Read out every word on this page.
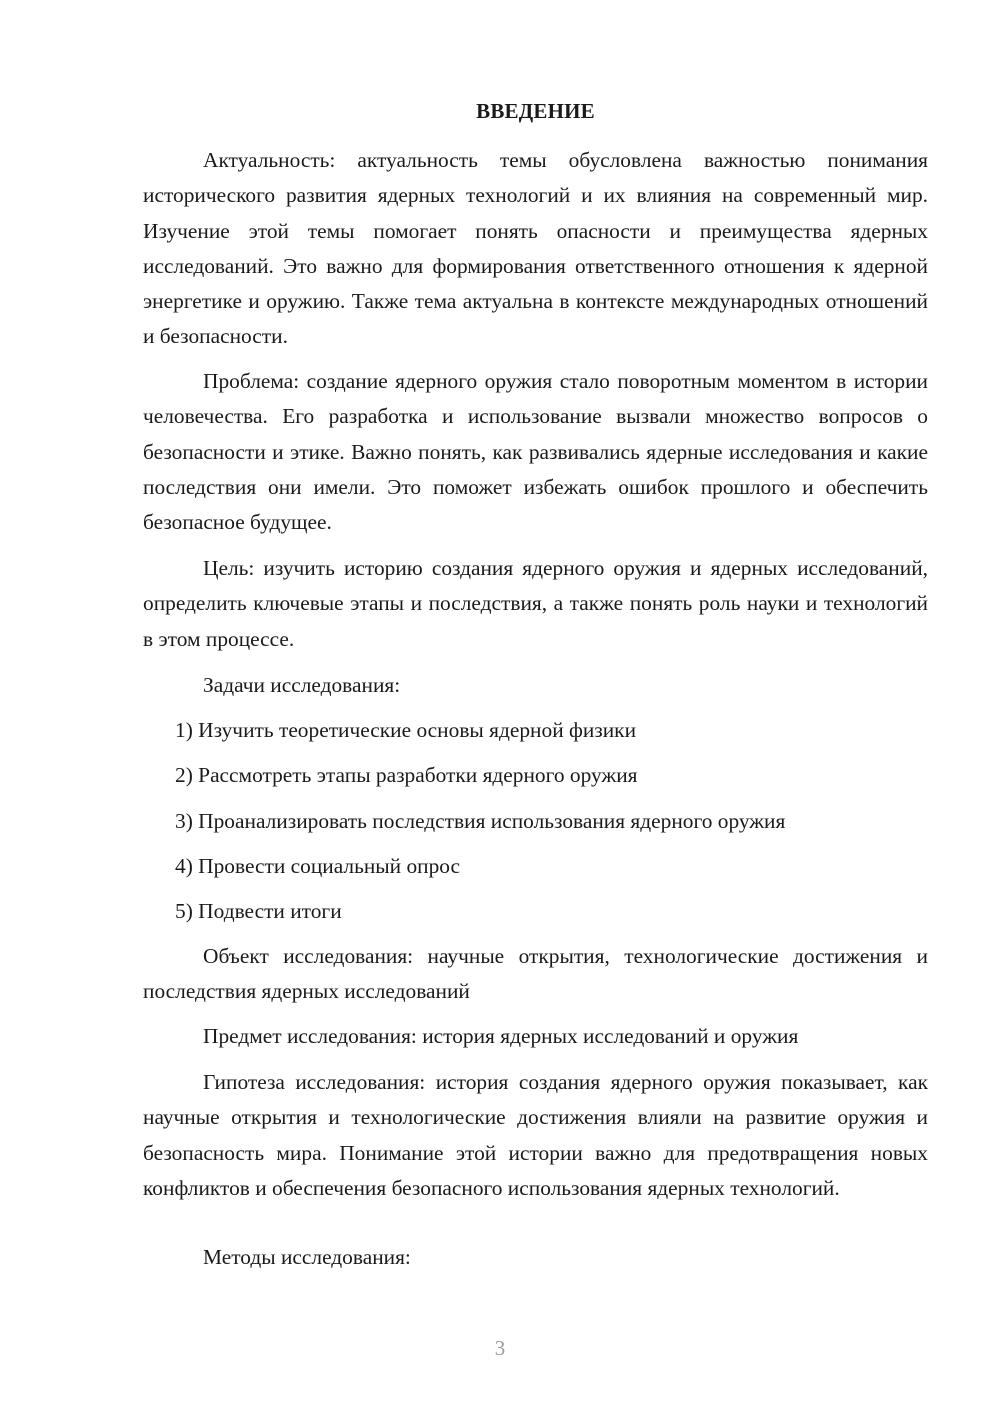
ВВЕДЕНИЕ

Актуальность: актуальность темы обусловлена важностью понимания исторического развития ядерных технологий и их влияния на современный мир. Изучение этой темы помогает понять опасности и преимущества ядерных исследований. Это важно для формирования ответственного отношения к ядерной энергетике и оружию. Также тема актуальна в контексте международных отношений и безопасности.

Проблема: создание ядерного оружия стало поворотным моментом в истории человечества. Его разработка и использование вызвали множество вопросов о безопасности и этике. Важно понять, как развивались ядерные исследования и какие последствия они имели. Это поможет избежать ошибок прошлого и обеспечить безопасное будущее.

Цель: изучить историю создания ядерного оружия и ядерных исследований, определить ключевые этапы и последствия, а также понять роль науки и технологий в этом процессе.

Задачи исследования:

1) Изучить теоретические основы ядерной физики

2) Рассмотреть этапы разработки ядерного оружия

3) Проанализировать последствия использования ядерного оружия

4) Провести социальный опрос

5) Подвести итоги

Объект исследования: научные открытия, технологические достижения и последствия ядерных исследований

Предмет исследования: история ядерных исследований и оружия

Гипотеза исследования: история создания ядерного оружия показывает, как научные открытия и технологические достижения влияли на развитие оружия и безопасность мира. Понимание этой истории важно для предотвращения новых конфликтов и обеспечения безопасного использования ядерных технологий.

Методы исследования:

3
